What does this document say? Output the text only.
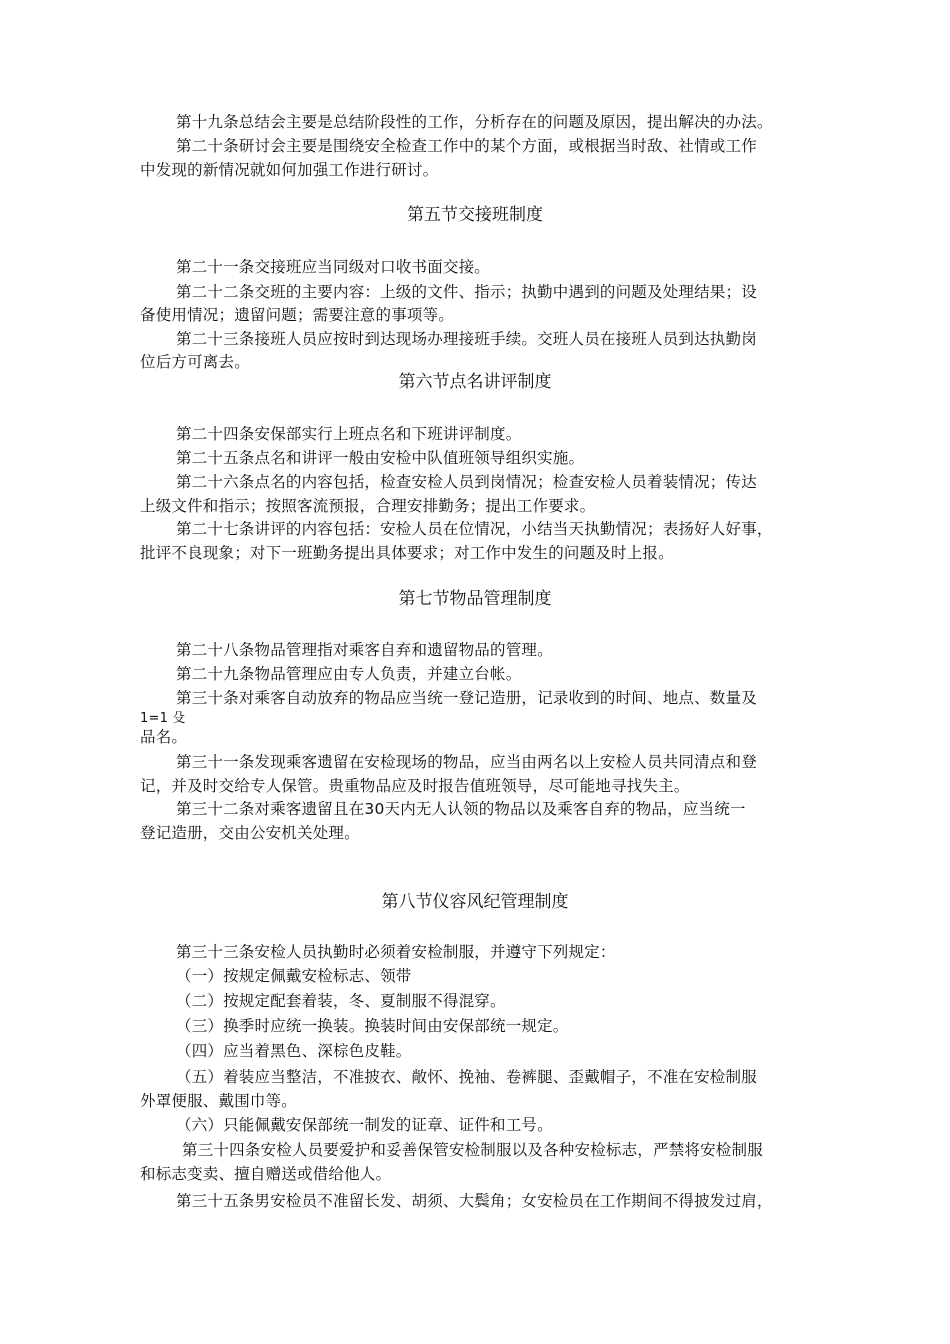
第十九条总结会主要是总结阶段性的工作，分析存在的问题及原因，提出解决的办法。
第二十条研讨会主要是围绕安全检查工作中的某个方面，或根据当时敌、社情或工作
中发现的新情况就如何加强工作进行研讨。
第五节交接班制度
第二十一条交接班应当同级对口收书面交接。
第二十二条交班的主要内容：上级的文件、指示；执勤中遇到的问题及处理结果；设
备使用情况；遗留问题；需要注意的事项等。
第二十三条接班人员应按时到达现场办理接班手续。交班人员在接班人员到达执勤岗
位后方可离去。
第六节点名讲评制度
第二十四条安保部实行上班点名和下班讲评制度。
第二十五条点名和讲评一般由安检中队值班领导组织实施。
第二十六条点名的内容包括，检查安检人员到岗情况；检查安检人员着装情况；传达
上级文件和指示；按照客流预报，合理安排勤务；提出工作要求。
第二十七条讲评的内容包括：安检人员在位情况，小结当天执勤情况；表扬好人好事，
批评不良现象；对下一班勤务提出具体要求；对工作中发生的问题及时上报。
第七节物品管理制度
第二十八条物品管理指对乘客自弃和遗留物品的管理。
第二十九条物品管理应由专人负责，并建立台帐。
第三十条对乘客自动放弃的物品应当统一登记造册，记录收到的时间、地点、数量及
1=1 殳
品名。
第三十一条发现乘客遗留在安检现场的物品，应当由两名以上安检人员共同清点和登
记，并及时交给专人保管。贵重物品应及时报告值班领导，尽可能地寻找失主。
第三十二条对乘客遗留且在30天内无人认领的物品以及乘客自弃的物品，应当统一
登记造册，交由公安机关处理。
第八节仪容风纪管理制度
第三十三条安检人员执勤时必须着安检制服，并遵守下列规定：
（一）按规定佩戴安检标志、领带
（二）按规定配套着装，冬、夏制服不得混穿。
（三）换季时应统一换装。换装时间由安保部统一规定。
（四）应当着黑色、深棕色皮鞋。
（五）着装应当整洁，不准披衣、敞怀、挽袖、卷裤腿、歪戴帽子，不准在安检制服
外罩便服、戴围巾等。
（六）只能佩戴安保部统一制发的证章、证件和工号。
第三十四条安检人员要爱护和妥善保管安检制服以及各种安检标志，严禁将安检制服
和标志变卖、擅自赠送或借给他人。
第三十五条男安检员不准留长发、胡须、大鬓角；女安检员在工作期间不得披发过肩，
